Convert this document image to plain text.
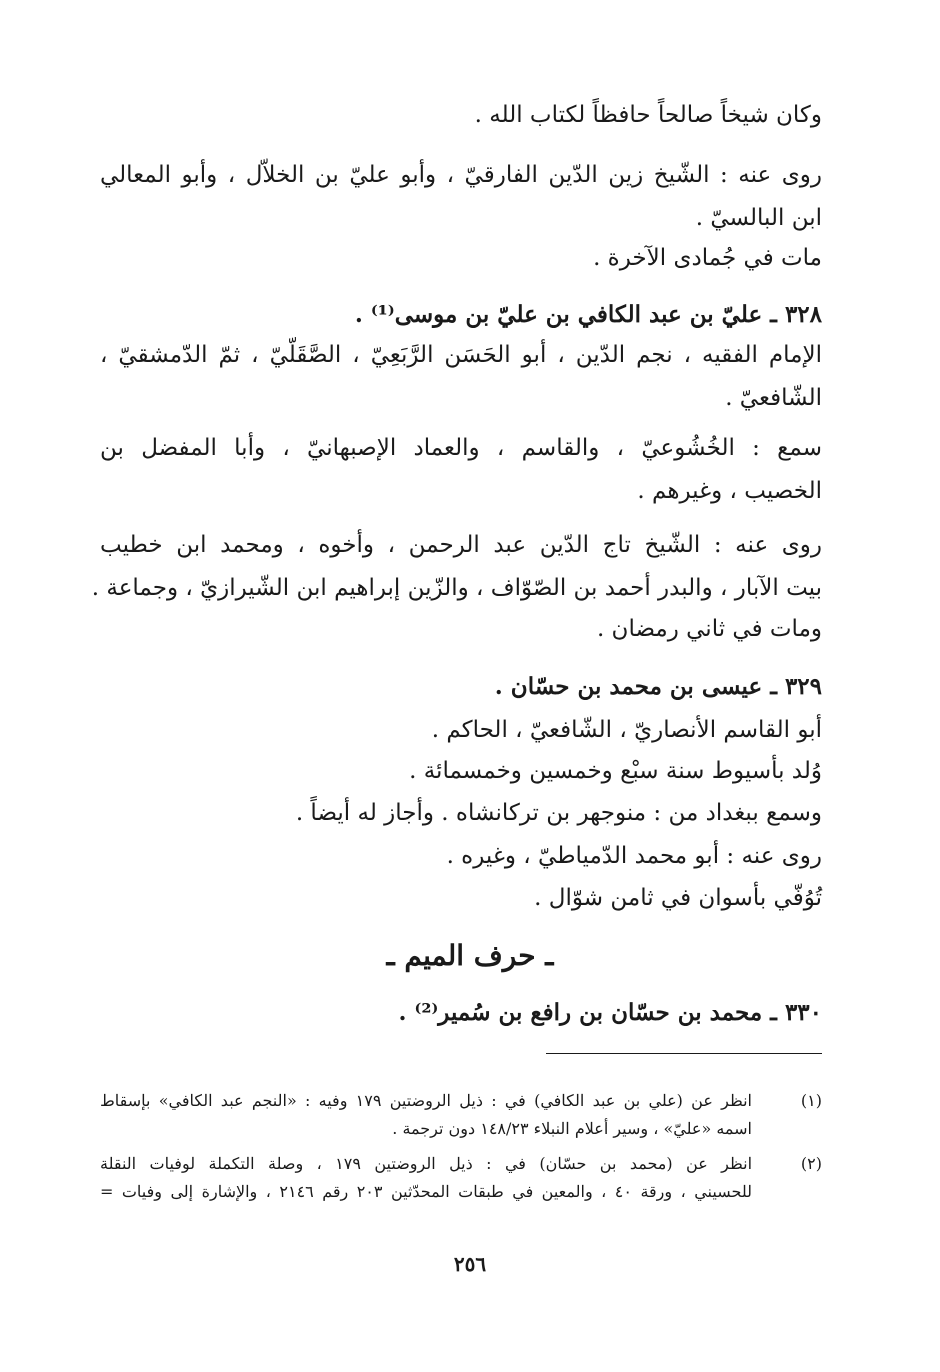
وكان شيخاً صالحاً حافظاً لكتاب الله .
روى عنه : الشّيخ زين الدّين الفارقيّ ، وأبو عليّ بن الخلاّل ، وأبو المعالي
ابن البالسيّ .
مات في جُمادى الآخرة .
٣٢٨ ـ عليّ بن عبد الكافي بن عليّ بن موسى⁽¹⁾ .
الإمام الفقيه ، نجم الدّين ، أبو الحَسَن الرَّبَعِيّ ، الصَّقَلّيّ ، ثمّ الدّمشقيّ ،
الشّافعيّ .
سمع : الخُشُوعيّ ، والقاسم ، والعماد الإصبهانيّ ، وأبا المفضل بن
الخصيب ، وغيرهم .
روى عنه : الشّيخ تاج الدّين عبد الرحمن ، وأخوه ، ومحمد ابن خطيب
بيت الآبار ، والبدر أحمد بن الصّوّاف ، والزّين إبراهيم ابن الشّيرازيّ ، وجماعة .
ومات في ثاني رمضان .
٣٢٩ ـ عيسى بن محمد بن حسّان .
أبو القاسم الأنصاريّ ، الشّافعيّ ، الحاكم .
وُلد بأسيوط سنة سبْع وخمسين وخمسمائة .
وسمع ببغداد من : منوجهر بن تركانشاه . وأجاز له أيضاً .
روى عنه : أبو محمد الدّمياطيّ ، وغيره .
تُوُفّي بأسوان في ثامن شوّال .
٣٣٠ ـ محمد بن حسّان بن رافع بن سُمير⁽²⁾ .
ـ حرف الميم ـ
(١)
انظر عن (علي بن عبد الكافي) في : ذيل الروضتين ١٧٩ وفيه : «النجم عبد الكافي» بإسقاط
اسمه «عليّ» ، وسير أعلام النبلاء ١٤٨/٢٣ دون ترجمة .
(٢)
انظر عن (محمد بن حسّان) في : ذيل الروضتين ١٧٩ ، وصلة التكملة لوفيات النقلة
للحسيني ، ورقة ٤٠ ، والمعين في طبقات المحدّثين ٢٠٣ رقم ٢١٤٦ ، والإشارة إلى وفيات =
٢٥٦
